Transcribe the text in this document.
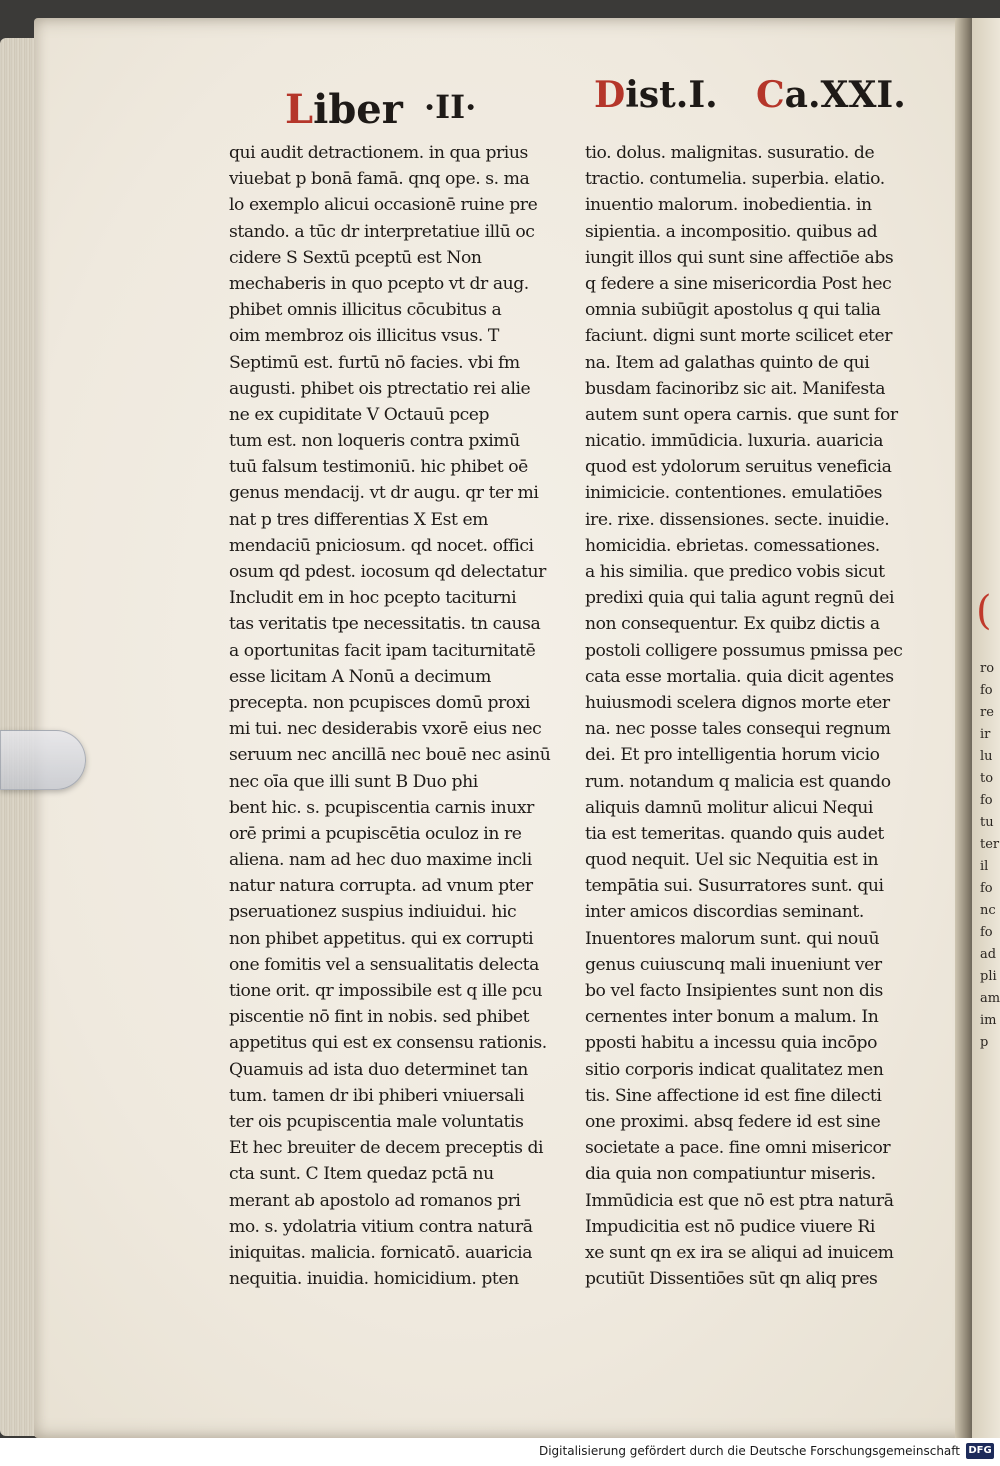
(
ro
fo
re
ir
lu
to
fo
tu
ter
il
fo
nc
fo
ad
pli
am
imp
Liber ·II·	Dist.I. Ca.XXI.
qui audit detractionem. in qua prius
viuebat p bonā famā. qnq ope. s. ma
lo exemplo alicui occasionē ruine pre
stando. a tūc dr interpretatiue illū oc
cidere S Sextū pceptū est Non
mechaberis in quo pcepto vt dr aug.
phibet omnis illicitus cōcubitus a
oim membroz ois illicitus vsus. T
Septimū est. furtū nō facies. vbi fm
augusti. phibet ois ptrectatio rei alie
ne ex cupiditate V Octauū pcep
tum est. non loqueris contra pximū
tuū falsum testimoniū. hic phibet oē
genus mendacij. vt dr augu. qr ter mi
nat p tres differentias X Est em
mendaciū pniciosum. qd nocet. offici
osum qd pdest. iocosum qd delectatur
Includit em in hoc pcepto taciturni
tas veritatis tpe necessitatis. tn causa
a oportunitas facit ipam taciturnitatē
esse licitam A Nonū a decimum
precepta. non pcupisces domū proxi
mi tui. nec desiderabis vxorē eius nec
seruum nec ancillā nec bouē nec asinū
nec oīa que illi sunt B Duo phi
bent hic. s. pcupiscentia carnis inuxr
orē primi a pcupiscētia oculoz in re
aliena. nam ad hec duo maxime incli
natur natura corrupta. ad vnum pter
pseruationez suspius indiuidui. hic
non phibet appetitus. qui ex corrupti
one fomitis vel a sensualitatis delecta
tione orit. qr impossibile est q ille pcu
piscentie nō fint in nobis. sed phibet
appetitus qui est ex consensu rationis.
Quamuis ad ista duo determinet tan
tum. tamen dr ibi phiberi vniuersali
ter ois pcupiscentia male voluntatis
Et hec breuiter de decem preceptis di
cta sunt. C Item quedaz pctā nu
merant ab apostolo ad romanos pri
mo. s. ydolatria vitium contra naturā
iniquitas. malicia. fornicatō. auaricia
nequitia. inuidia. homicidium. pten
tio. dolus. malignitas. susuratio. de
tractio. contumelia. superbia. elatio.
inuentio malorum. inobedientia. in
sipientia. a incompositio. quibus ad
iungit illos qui sunt sine affectiōe abs
q federe a sine misericordia Post hec
omnia subiūgit apostolus q qui talia
faciunt. digni sunt morte scilicet eter
na. Item ad galathas quinto de qui
busdam facinoribz sic ait. Manifesta
autem sunt opera carnis. que sunt for
nicatio. immūdicia. luxuria. auaricia
quod est ydolorum seruitus veneficia
inimicicie. contentiones. emulatiōes
ire. rixe. dissensiones. secte. inuidie.
homicidia. ebrietas. comessationes.
a his similia. que predico vobis sicut
predixi quia qui talia agunt regnū dei
non consequentur. Ex quibz dictis a
postoli colligere possumus pmissa pec
cata esse mortalia. quia dicit agentes
huiusmodi scelera dignos morte eter
na. nec posse tales consequi regnum
dei. Et pro intelligentia horum vicio
rum. notandum q malicia est quando
aliquis damnū molitur alicui Nequi
tia est temeritas. quando quis audet
quod nequit. Uel sic Nequitia est in
tempātia sui. Susurratores sunt. qui
inter amicos discordias seminant.
Inuentores malorum sunt. qui nouū
genus cuiuscunq mali inueniunt ver
bo vel facto Insipientes sunt non dis
cernentes inter bonum a malum. In
pposti habitu a incessu quia incōpo
sitio corporis indicat qualitatez men
tis. Sine affectione id est fine dilecti
one proximi. absq federe id est sine
societate a pace. fine omni misericor
dia quia non compatiuntur miseris.
Immūdicia est que nō est ptra naturā
Impudicitia est nō pudice viuere Ri
xe sunt qn ex ira se aliqui ad inuicem
pcutiūt Dissentiōes sūt qn aliq pres
Digitalisierung gefördert durch die Deutsche Forschungsgemeinschaft DFG
